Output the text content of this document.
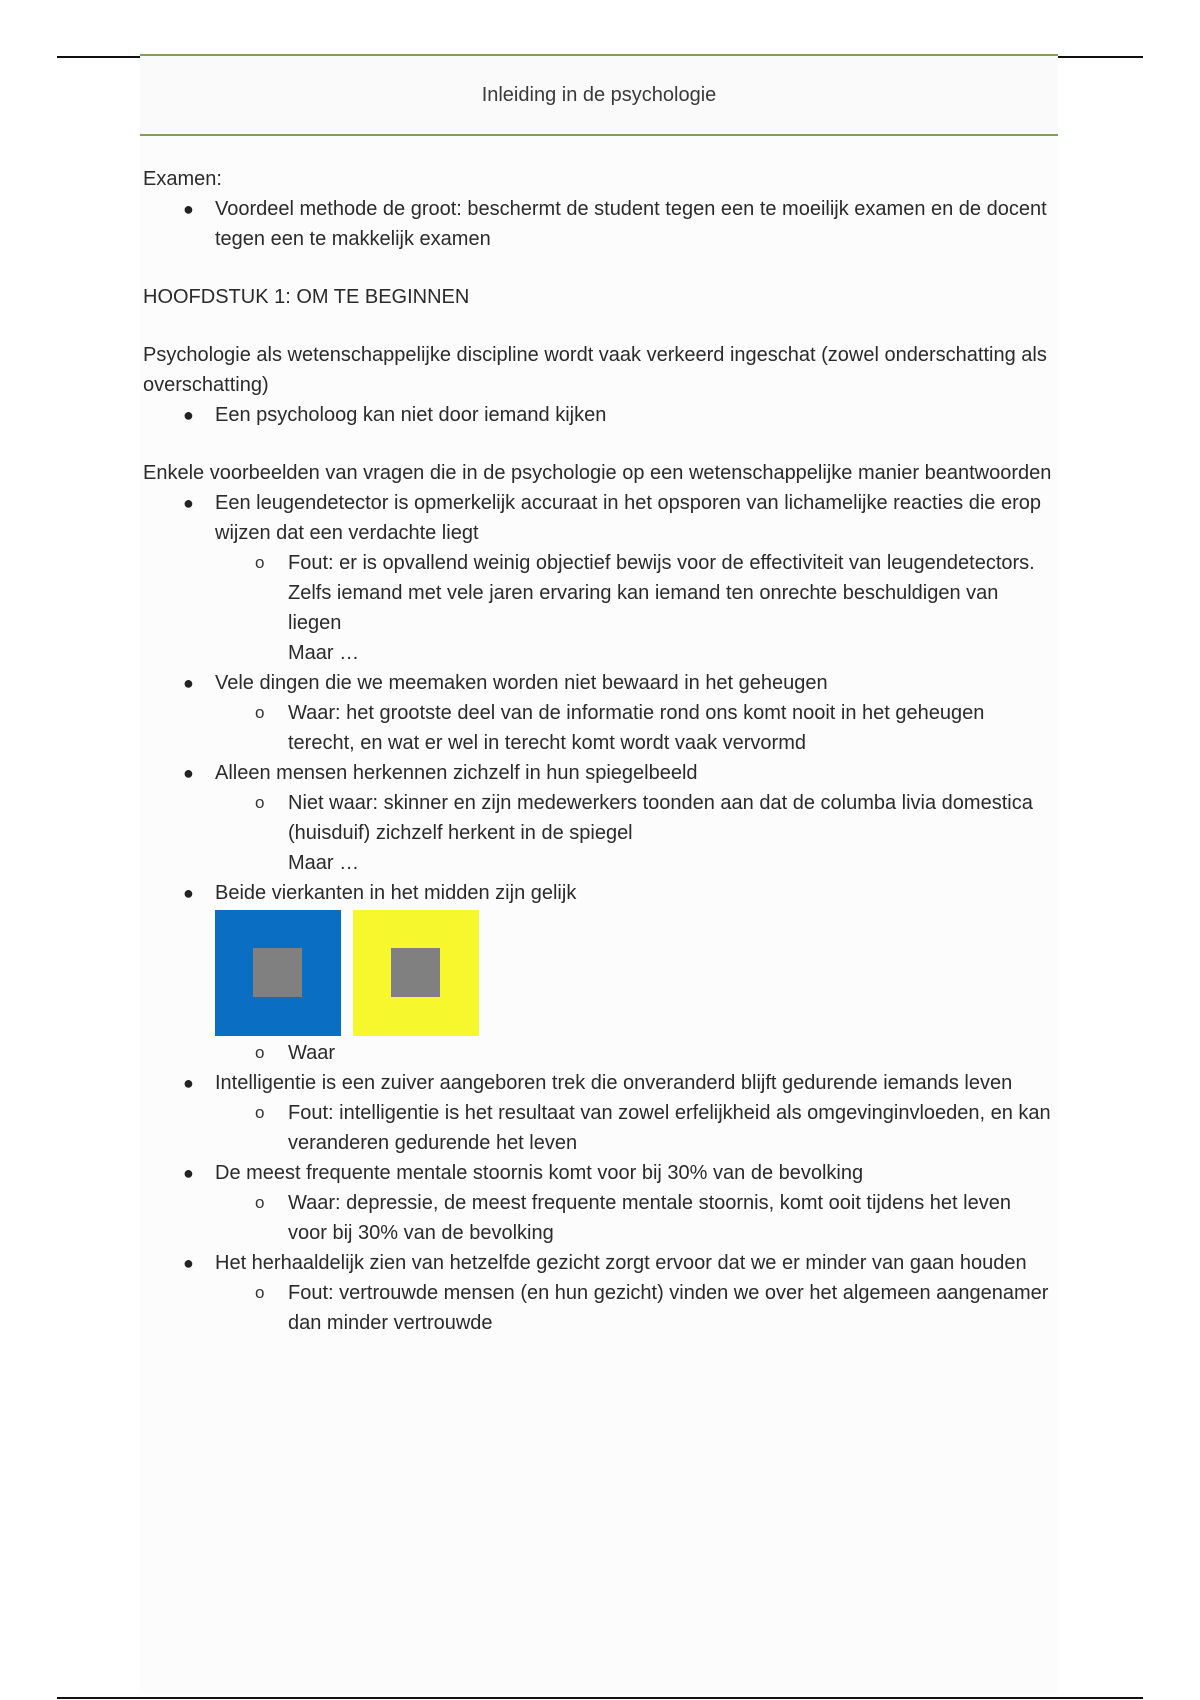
Inleiding in de psychologie

Examen:

● Voordeel methode de groot: beschermt de student tegen een te moeilijk examen en de docent tegen een te makkelijk examen

HOOFDSTUK 1: OM TE BEGINNEN

Psychologie als wetenschappelijke discipline wordt vaak verkeerd ingeschat (zowel onderschatting als overschatting)

● Een psycholoog kan niet door iemand kijken

Enkele voorbeelden van vragen die in de psychologie op een wetenschappelijke manier beantwoorden

● Een leugendetector is opmerkelijk accuraat in het opsporen van lichamelijke reacties die erop wijzen dat een verdachte liegt
o Fout: er is opvallend weinig objectief bewijs voor de effectiviteit van leugendetectors. Zelfs iemand met vele jaren ervaring kan iemand ten onrechte beschuldigen van liegen

Maar …

● Vele dingen die we meemaken worden niet bewaard in het geheugen
o Waar: het grootste deel van de informatie rond ons komt nooit in het geheugen terecht, en wat er wel in terecht komt wordt vaak vervormd
● Alleen mensen herkennen zichzelf in hun spiegelbeeld
o Niet waar: skinner en zijn medewerkers toonden aan dat de columba livia domestica (huisduif) zichzelf herkent in de spiegel

Maar …

● Beide vierkanten in het midden zijn gelijk
o Waar
● Intelligentie is een zuiver aangeboren trek die onveranderd blijft gedurende iemands leven
o Fout: intelligentie is het resultaat van zowel erfelijkheid als omgevinginvloeden, en kan veranderen gedurende het leven
● De meest frequente mentale stoornis komt voor bij 30% van de bevolking
o Waar: depressie, de meest frequente mentale stoornis, komt ooit tijdens het leven voor bij 30% van de bevolking
● Het herhaaldelijk zien van hetzelfde gezicht zorgt ervoor dat we er minder van gaan houden
o Fout: vertrouwde mensen (en hun gezicht) vinden we over het algemeen aangenamer dan minder vertrouwde
